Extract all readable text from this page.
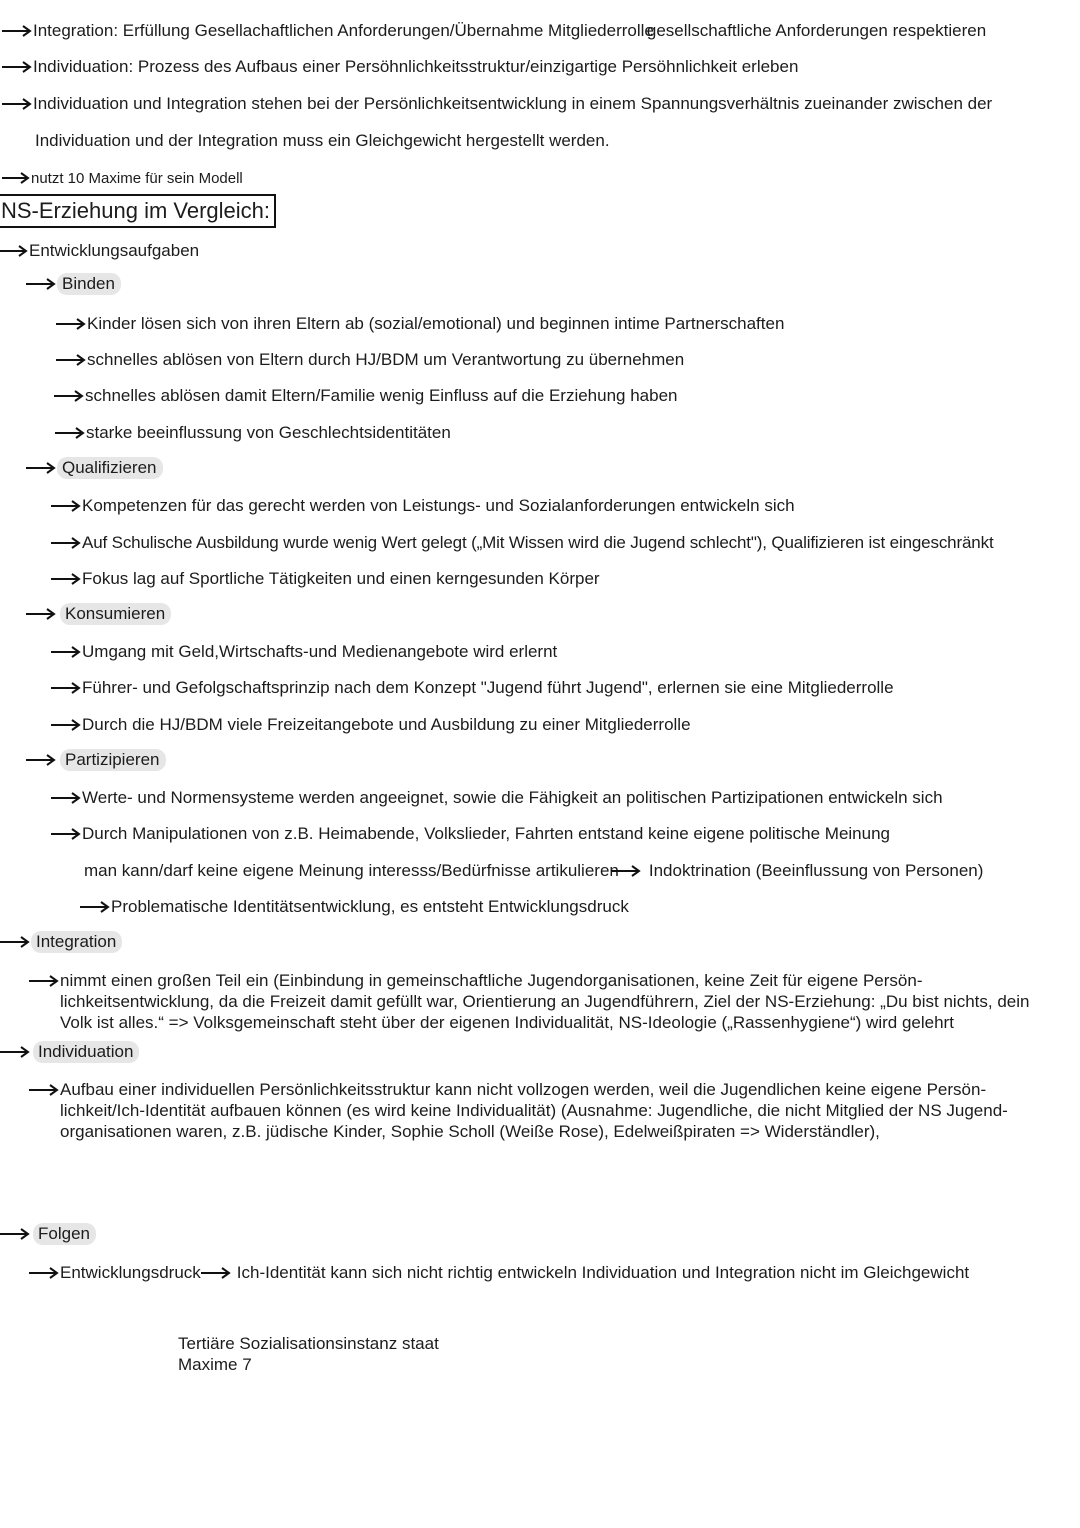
Integration: Erfüllung Gesellachaftlichen Anforderungen/Übernahme Mitgliederrollegesellschaftliche Anforderungen respektieren
Individuation: Prozess des Aufbaus einer Persöhnlichkeitsstruktur/einzigartige Persöhnlichkeit erleben
Individuation und Integration stehen bei der Persönlichkeitsentwicklung in einem Spannungsverhältnis zueinander zwischen der
Individuation und der Integration muss ein Gleichgewicht hergestellt werden.
nutzt 10 Maxime für sein Modell
NS-Erziehung im Vergleich:
Entwicklungsaufgaben
Binden
Kinder lösen sich von ihren Eltern ab (sozial/emotional) und beginnen intime Partnerschaften
schnelles ablösen von Eltern durch HJ/BDM um Verantwortung zu übernehmen
schnelles ablösen damit Eltern/Familie wenig Einfluss auf die Erziehung haben
starke beeinflussung von Geschlechtsidentitäten
Qualifizieren
Kompetenzen für das gerecht werden von Leistungs- und Sozialanforderungen entwickeln sich
Auf Schulische Ausbildung wurde wenig Wert gelegt („Mit Wissen wird die Jugend schlecht"), Qualifizieren ist eingeschränkt
Fokus lag auf Sportliche Tätigkeiten und einen kerngesunden Körper
Konsumieren
Umgang mit Geld,Wirtschafts-und Medienangebote wird erlernt
Führer- und Gefolgschaftsprinzip nach dem Konzept "Jugend führt Jugend", erlernen sie eine Mitgliederrolle
Durch die HJ/BDM viele Freizeitangebote und Ausbildung zu einer Mitgliederrolle
Partizipieren
Werte- und Normensysteme werden angeeignet, sowie die Fähigkeit an politischen Partizipationen entwickeln sich
Durch Manipulationen von z.B. Heimabende, Volkslieder, Fahrten entstand keine eigene politische Meinung
man kann/darf keine eigene Meinung interesss/Bedürfnisse artikulieren Indoktrination (Beeinflussung von Personen)
Problematische Identitätsentwicklung, es entsteht Entwicklungsdruck
Integration
nimmt einen großen Teil ein (Einbindung in gemeinschaftliche Jugendorganisationen, keine Zeit für eigene Persön-
lichkeitsentwicklung, da die Freizeit damit gefüllt war, Orientierung an Jugendführern, Ziel der NS-Erziehung: „Du bist nichts, dein
Volk ist alles.“ => Volksgemeinschaft steht über der eigenen Individualität, NS-Ideologie („Rassenhygiene“) wird gelehrt
Individuation
Aufbau einer individuellen Persönlichkeitsstruktur kann nicht vollzogen werden, weil die Jugendlichen keine eigene Persön-
lichkeit/Ich-Identität aufbauen können (es wird keine Individualität) (Ausnahme: Jugendliche, die nicht Mitglied der NS Jugend-
organisationen waren, z.B. jüdische Kinder, Sophie Scholl (Weiße Rose), Edelweißpiraten => Widerständler),
Folgen
Entwicklungsdruck Ich-Identität kann sich nicht richtig entwickeln Individuation und Integration nicht im Gleichgewicht
Tertiäre Sozialisationsinstanz staat
Maxime 7
